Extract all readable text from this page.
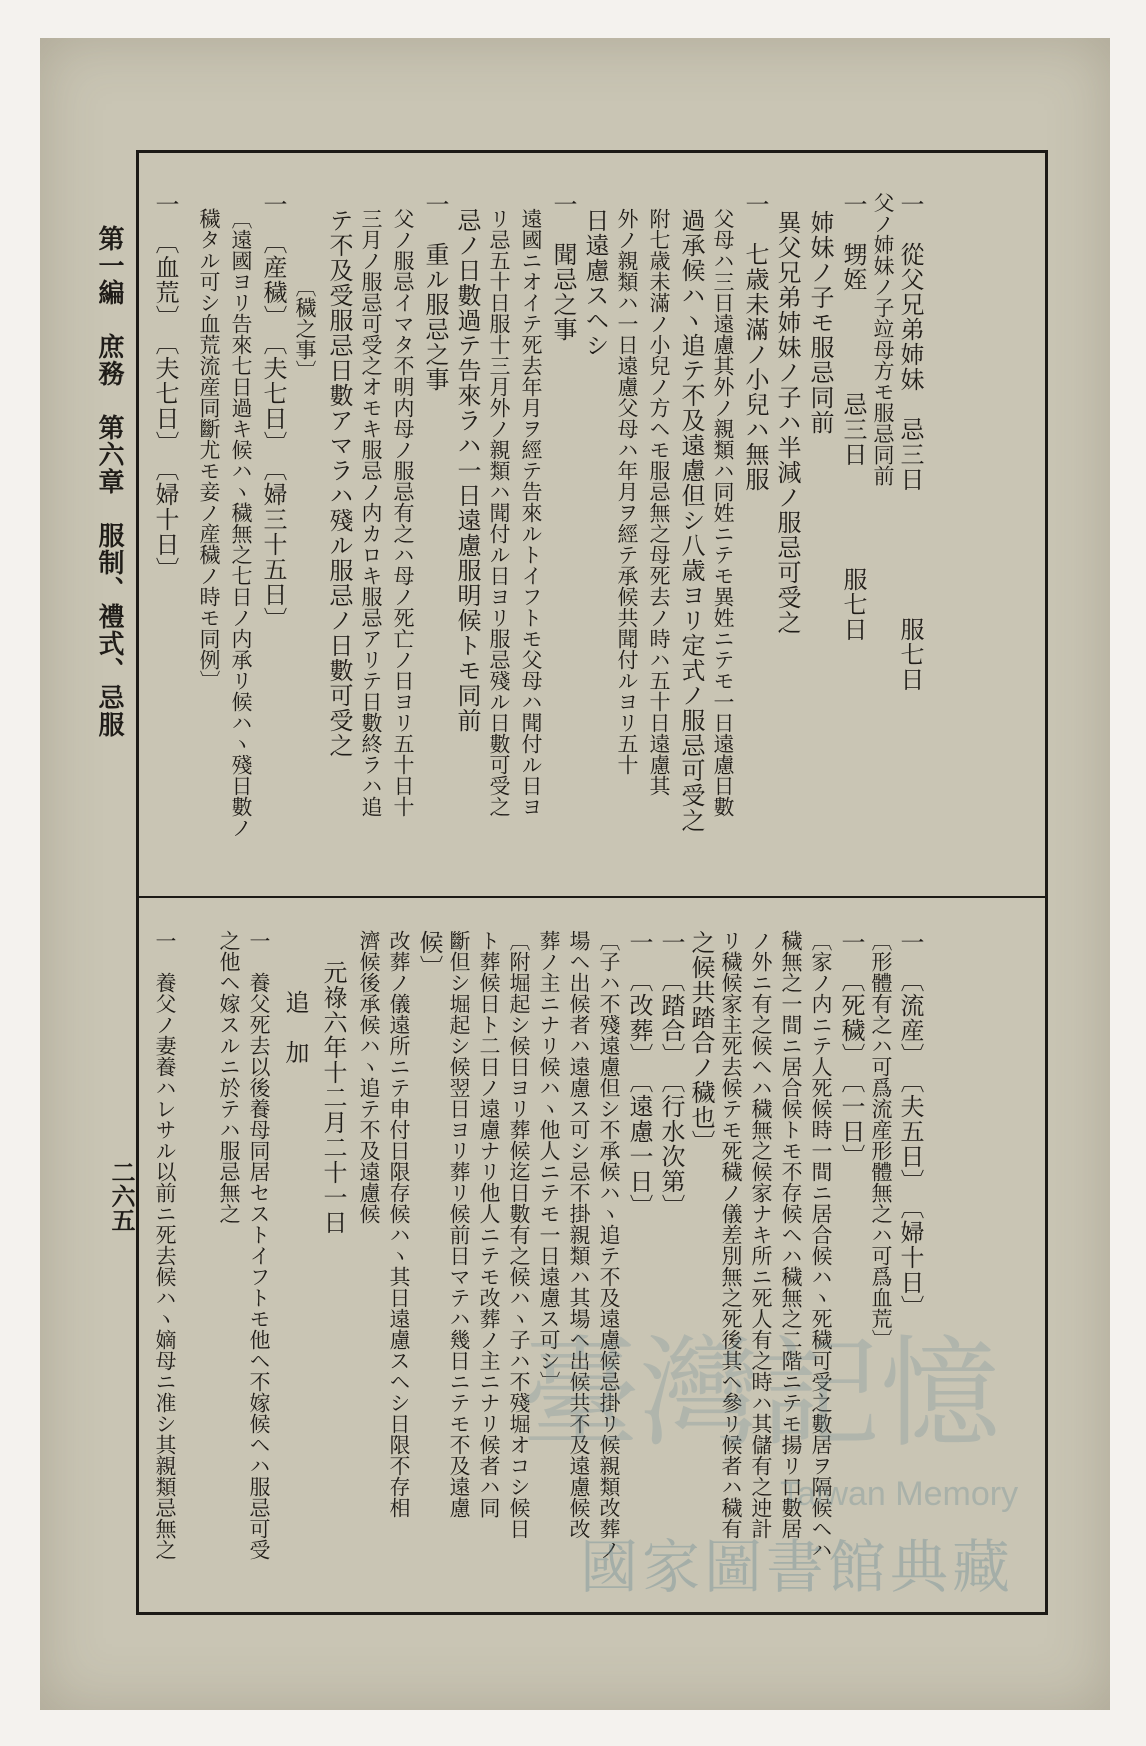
第一編　庶務　第六章　服制、禮式、忌服
二六五
一　從父兄弟姉妹　忌三日　　　　　服七日
父ノ姉妹ノ子竝母方モ服忌同前
一　甥姪　　　　忌三日　　　　服七日
姉妹ノ子モ服忌同前
異父兄弟姉妹ノ子ハ半減ノ服忌可受之
一　七歳未滿ノ小兒ハ無服
父母ハ三日遠慮其外ノ親類ハ同姓ニテモ異姓ニテモ一日遠慮日數
過承候ハヽ追テ不及遠慮但シ八歳ヨリ定式ノ服忌可受之
附七歳未滿ノ小兒ノ方ヘモ服忌無之母死去ノ時ハ五十日遠慮其
外ノ親類ハ一日遠慮父母ハ年月ヲ經テ承候共聞付ルヨリ五十
日遠慮スヘシ
一　聞忌之事
遠國ニオイテ死去年月ヲ經テ告來ルトイフトモ父母ハ聞付ル日ヨ
リ忌五十日服十三月外ノ親類ハ聞付ル日ヨリ服忌殘ル日數可受之
忌ノ日數過テ告來ラハ一日遠慮服明候トモ同前
一　重ル服忌之事
父ノ服忌イマタ不明内母ノ服忌有之ハ母ノ死亡ノ日ヨリ五十日十
三月ノ服忌可受之オモキ服忌ノ内カロキ服忌アリテ日數終ラハ追
テ不及受服忌日數アマラハ殘ル服忌ノ日數可受之
〔穢之事〕
一　〔産穢〕　〔夫七日〕　〔婦三十五日〕
〔遠國ヨリ告來七日過キ候ハヽ穢無之七日ノ内承リ候ハヽ殘日數ノ
穢タル可シ血荒流産同斷尤モ妾ノ産穢ノ時モ同例〕
一　〔血荒〕　〔夫七日〕　〔婦十日〕
一　〔流産〕　〔夫五日〕　〔婦十日〕
〔形體有之ハ可爲流産形體無之ハ可爲血荒〕
一　〔死穢〕　〔一日〕
〔家ノ内ニテ人死候時一間ニ居合候ハヽ死穢可受之數居ヲ隔候ヘハ
穢無之一間ニ居合候トモ不存候ヘハ穢無之二階ニテモ揚リ口數居
ノ外ニ有之候ヘハ穢無之候家ナキ所ニ死人有之時ハ其儲有之迚計
リ穢候家主死去候テモ死穢ノ儀差別無之死後其ヘ參リ候者ハ穢有
之候共踏合ノ穢也〕
一　〔踏合〕　〔行水次第〕
一　〔改葬〕　〔遠慮一日〕
〔子ハ不殘遠慮但シ不承候ハヽ追テ不及遠慮候忌掛リ候親類改葬ノ
場ヘ出候者ハ遠慮ス可シ忌不掛親類ハ其場ヘ出候共不及遠慮候改
葬ノ主ニナリ候ハヽ他人ニテモ一日遠慮ス可シ〕
〔附堀起シ候日ヨリ葬候迄日數有之候ハヽ子ハ不殘堀オコシ候日
ト葬候日ト二日ノ遠慮ナリ他人ニテモ改葬ノ主ニナリ候者ハ同
斷但シ堀起シ候翌日ヨリ葬リ候前日マテハ幾日ニテモ不及遠慮
候〕
改葬ノ儀遠所ニテ申付日限存候ハヽ其日遠慮スヘシ日限不存相
濟候後承候ハヽ追テ不及遠慮候
元祿六年十二月二十一日
追　加
一　養父死去以後養母同居セストイフトモ他ヘ不嫁候ヘハ服忌可受
之他ヘ嫁スルニ於テハ服忌無之
一　養父ノ妻養ハレサル以前ニ死去候ハヽ嫡母ニ准シ其親類忌無之	臺灣記憶
Taiwan Memory
國家圖書館典藏
